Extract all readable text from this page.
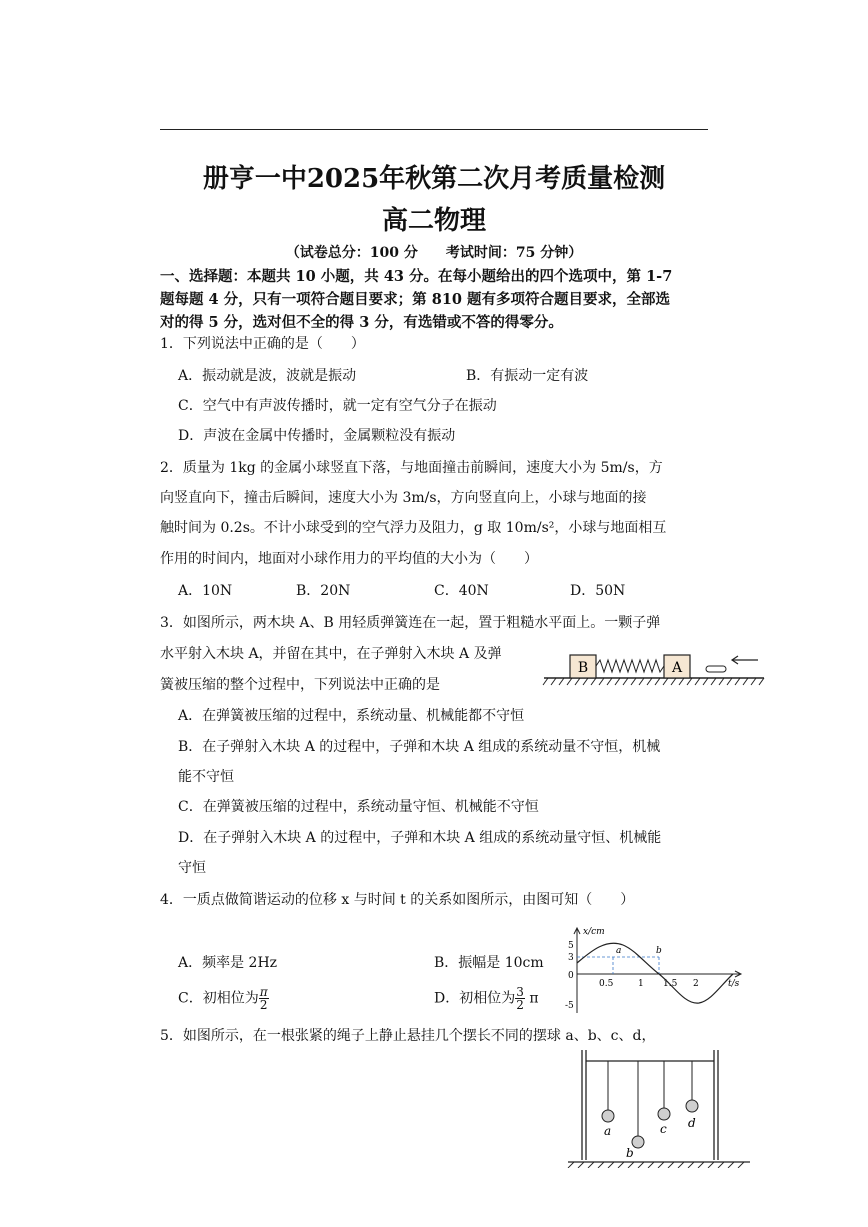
册亨一中2025年秋第二次月考质量检测
高二物理
（试卷总分：100 分　　考试时间：75 分钟）
一、选择题：本题共 10 小题，共 43 分。在每小题给出的四个选项中，第 1-7
题每题 4 分，只有一项符合题目要求；第 810 题有多项符合题目要求，全部选
对的得 5 分，选对但不全的得 3 分，有选错或不答的得零分。
1．下列说法中正确的是（　　）
A．振动就是波，波就是振动	B．有振动一定有波
C．空气中有声波传播时，就一定有空气分子在振动
D．声波在金属中传播时，金属颗粒没有振动
2．质量为 1kg 的金属小球竖直下落，与地面撞击前瞬间，速度大小为 5m/s，方
向竖直向下，撞击后瞬间，速度大小为 3m/s，方向竖直向上，小球与地面的接
触时间为 0.2s。不计小球受到的空气浮力及阻力，g 取 10m/s²，小球与地面相互
作用的时间内，地面对小球作用力的平均值的大小为（　　）
A．10N	B．20N	C．40N	D．50N
3．如图所示，两木块 A、B 用轻质弹簧连在一起，置于粗糙水平面上。一颗子弹
水平射入木块 A，并留在其中，在子弹射入木块 A 及弹
簧被压缩的整个过程中，下列说法中正确的是
B	A
A．在弹簧被压缩的过程中，系统动量、机械能都不守恒
B．在子弹射入木块 A 的过程中，子弹和木块 A 组成的系统动量不守恒，机械
能不守恒
C．在弹簧被压缩的过程中，系统动量守恒、机械能不守恒
D．在子弹射入木块 A 的过程中，子弹和木块 A 组成的系统动量守恒、机械能
守恒
4．一质点做简谐运动的位移 x 与时间 t 的关系如图所示，由图可知（　　）
A．频率是 2Hz	B．振幅是 10cm
C．初相位为 $\frac{\pi}{2}$	D．初相位为 $\frac{3}{2}$ π
x/cm
t/s
5
3
0
-5
0.5	1 1.5 2
a	b
5．如图所示，在一根张紧的绳子上静止悬挂几个摆长不同的摆球 a、b、c、d，
a
b
c d
